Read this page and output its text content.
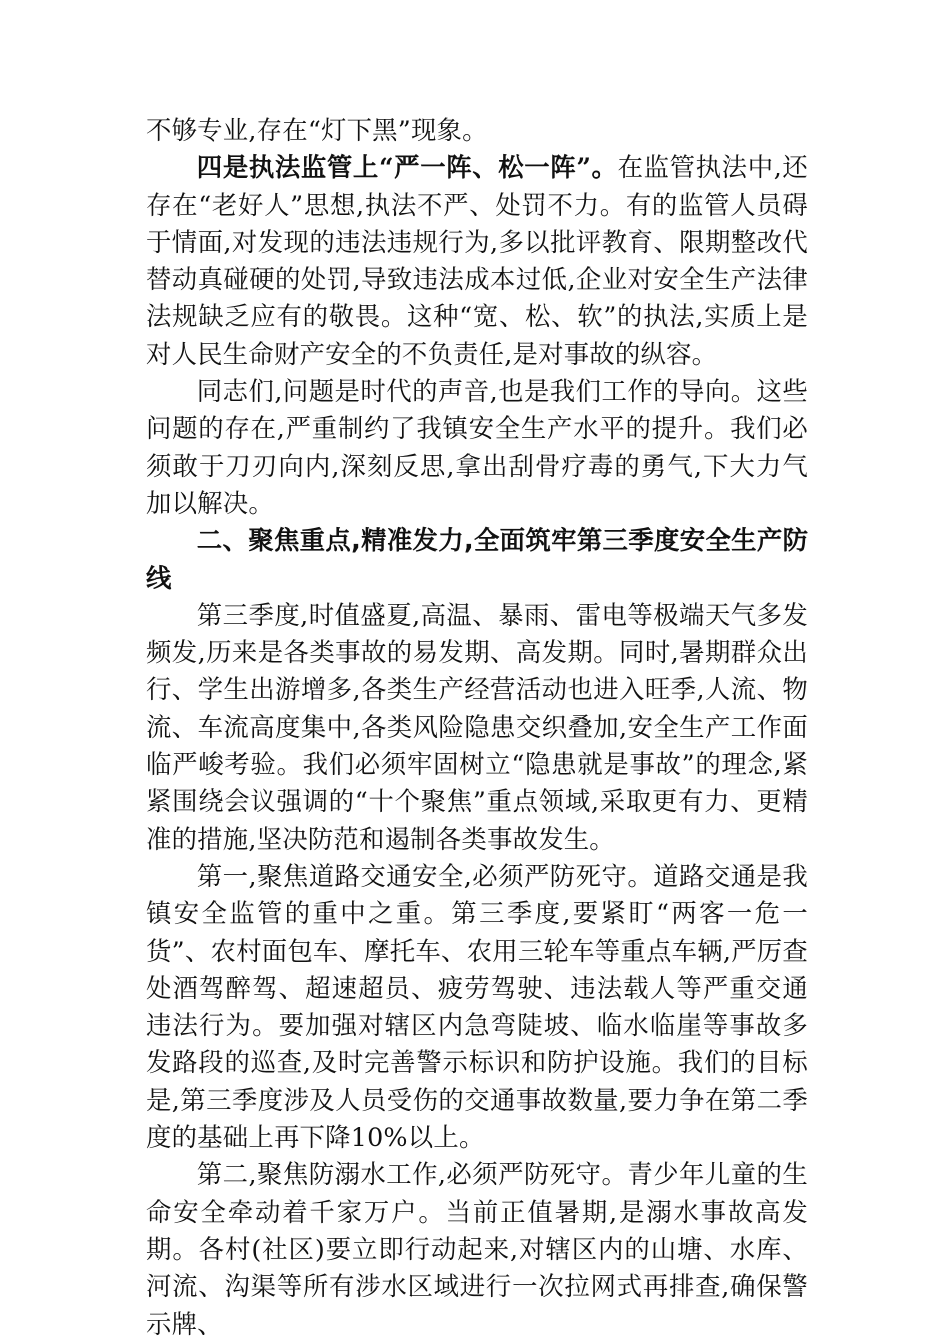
不够专业,存在“灯下黑”现象。

四是执法监管上“严一阵、松一阵”。在监管执法中,还存在“老好人”思想,执法不严、处罚不力。有的监管人员碍于情面,对发现的违法违规行为,多以批评教育、限期整改代替动真碰硬的处罚,导致违法成本过低,企业对安全生产法律法规缺乏应有的敬畏。这种“宽、松、软”的执法,实质上是对人民生命财产安全的不负责任,是对事故的纵容。

同志们,问题是时代的声音,也是我们工作的导向。这些问题的存在,严重制约了我镇安全生产水平的提升。我们必须敢于刀刃向内,深刻反思,拿出刮骨疗毒的勇气,下大力气加以解决。

二、聚焦重点,精准发力,全面筑牢第三季度安全生产防线

第三季度,时值盛夏,高温、暴雨、雷电等极端天气多发频发,历来是各类事故的易发期、高发期。同时,暑期群众出行、学生出游增多,各类生产经营活动也进入旺季,人流、物流、车流高度集中,各类风险隐患交织叠加,安全生产工作面临严峻考验。我们必须牢固树立“隐患就是事故”的理念,紧紧围绕会议强调的“十个聚焦”重点领域,采取更有力、更精准的措施,坚决防范和遏制各类事故发生。

第一,聚焦道路交通安全,必须严防死守。道路交通是我镇安全监管的重中之重。第三季度,要紧盯“两客一危一货”、农村面包车、摩托车、农用三轮车等重点车辆,严厉查处酒驾醉驾、超速超员、疲劳驾驶、违法载人等严重交通违法行为。要加强对辖区内急弯陡坡、临水临崖等事故多发路段的巡查,及时完善警示标识和防护设施。我们的目标是,第三季度涉及人员受伤的交通事故数量,要力争在第二季度的基础上再下降10%以上。

第二,聚焦防溺水工作,必须严防死守。青少年儿童的生命安全牵动着千家万户。当前正值暑期,是溺水事故高发期。各村(社区)要立即行动起来,对辖区内的山塘、水库、河流、沟渠等所有涉水区域进行一次拉网式再排查,确保警示牌、
